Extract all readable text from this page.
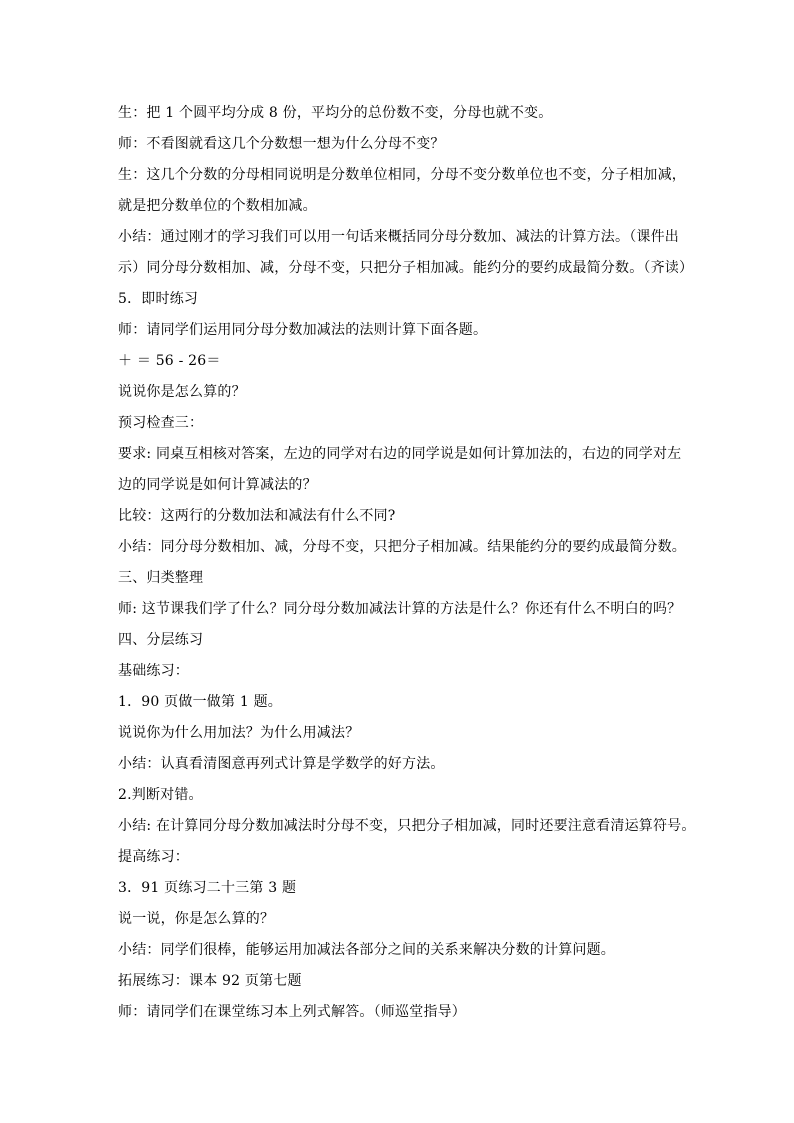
生：把 1 个圆平均分成 8 份，平均分的总份数不变，分母也就不变。
师：不看图就看这几个分数想一想为什么分母不变？
生：这几个分数的分母相同说明是分数单位相同，分母不变分数单位也不变，分子相加减，
就是把分数单位的个数相加减。
小结：通过刚才的学习我们可以用一句话来概括同分母分数加、减法的计算方法。（课件出
示）同分母分数相加、减，分母不变，只把分子相加减。能约分的要约成最简分数。（齐读）
5．即时练习
师：请同学们运用同分母分数加减法的法则计算下面各题。
＋ ＝ 56 - 26＝
说说你是怎么算的？
预习检查三：
要求: 同桌互相核对答案，左边的同学对右边的同学说是如何计算加法的，右边的同学对左
边的同学说是如何计算减法的？
比较：这两行的分数加法和减法有什么不同?
小结：同分母分数相加、减，分母不变，只把分子相加减。结果能约分的要约成最简分数。
三、归类整理
师: 这节课我们学了什么？同分母分数加减法计算的方法是什么？你还有什么不明白的吗？
四、分层练习
基础练习：
1．90 页做一做第 1 题。
说说你为什么用加法？为什么用减法？
小结：认真看清图意再列式计算是学数学的好方法。
2.判断对错。
小结: 在计算同分母分数加减法时分母不变，只把分子相加减，同时还要注意看清运算符号。
提高练习：
3．91 页练习二十三第 3 题
说一说，你是怎么算的？
小结：同学们很棒，能够运用加减法各部分之间的关系来解决分数的计算问题。
拓展练习：课本 92 页第七题
师：请同学们在课堂练习本上列式解答。（师巡堂指导）
